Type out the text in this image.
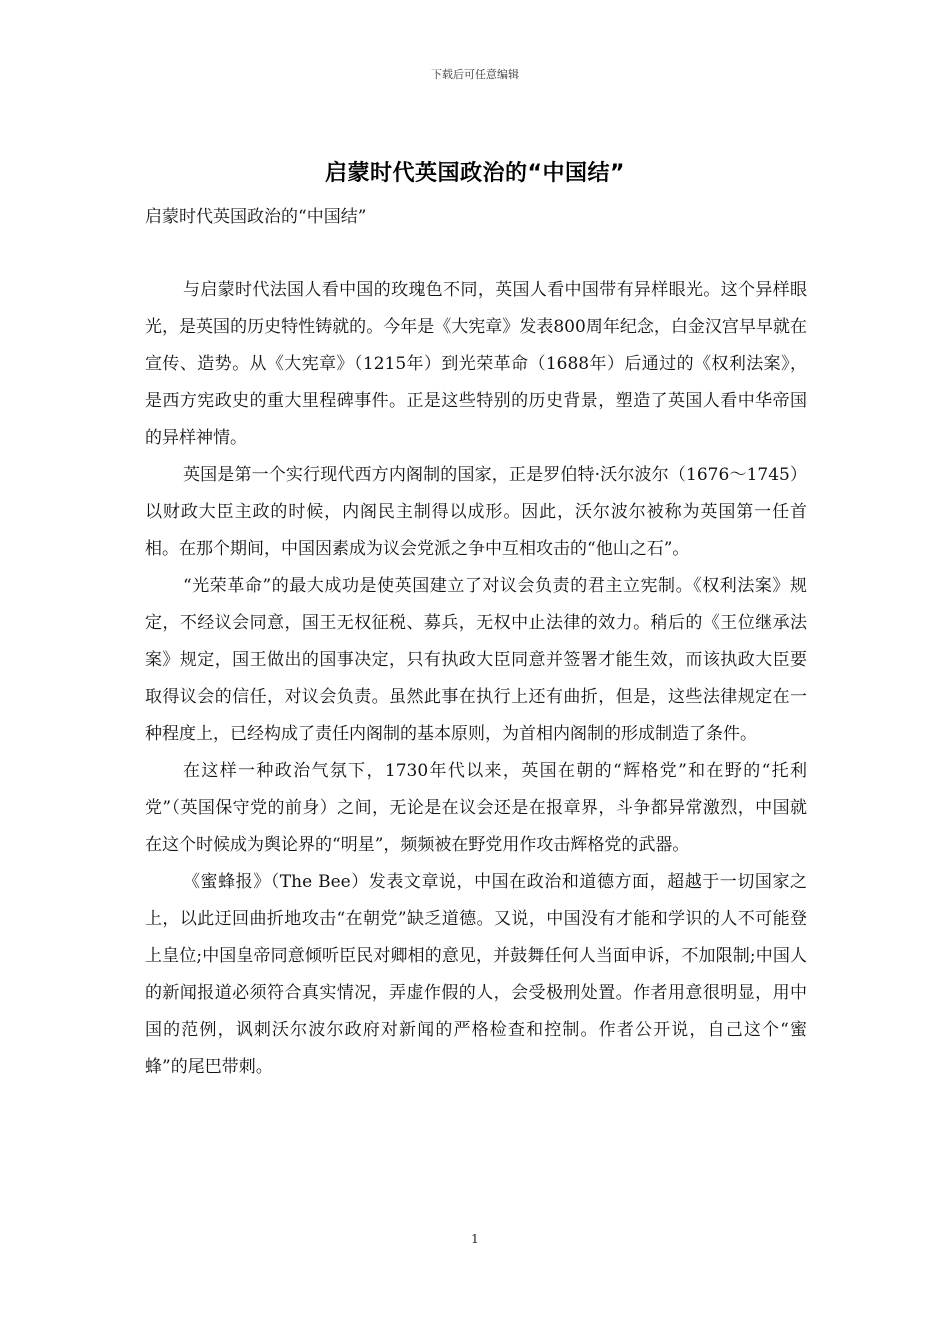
下载后可任意编辑
启蒙时代英国政治的“中国结”
启蒙时代英国政治的“中国结”

与启蒙时代法国人看中国的玫瑰色不同，英国人看中国带有异样眼光。这个异样眼光，是英国的历史特性铸就的。今年是《大宪章》发表800周年纪念，白金汉宫早早就在宣传、造势。从《大宪章》（1215年）到光荣革命（1688年）后通过的《权利法案》，是西方宪政史的重大里程碑事件。正是这些特别的历史背景，塑造了英国人看中华帝国的异样神情。

英国是第一个实行现代西方内阁制的国家，正是罗伯特·沃尔波尔（1676～1745）以财政大臣主政的时候，内阁民主制得以成形。因此，沃尔波尔被称为英国第一任首相。在那个期间，中国因素成为议会党派之争中互相攻击的“他山之石”。

“光荣革命”的最大成功是使英国建立了对议会负责的君主立宪制。《权利法案》规定，不经议会同意，国王无权征税、募兵，无权中止法律的效力。稍后的《王位继承法案》规定，国王做出的国事决定，只有执政大臣同意并签署才能生效，而该执政大臣要取得议会的信任，对议会负责。虽然此事在执行上还有曲折，但是，这些法律规定在一种程度上，已经构成了责任内阁制的基本原则，为首相内阁制的形成制造了条件。

在这样一种政治气氛下，1730年代以来，英国在朝的“辉格党”和在野的“托利党”（英国保守党的前身）之间，无论是在议会还是在报章界，斗争都异常激烈，中国就在这个时候成为舆论界的“明星”，频频被在野党用作攻击辉格党的武器。

《蜜蜂报》（The Bee）发表文章说，中国在政治和道德方面，超越于一切国家之上，以此迂回曲折地攻击“在朝党”缺乏道德。又说，中国没有才能和学识的人不可能登上皇位;中国皇帝同意倾听臣民对卿相的意见，并鼓舞任何人当面申诉，不加限制;中国人的新闻报道必须符合真实情况，弄虚作假的人，会受极刑处置。作者用意很明显，用中国的范例，讽刺沃尔波尔政府对新闻的严格检查和控制。作者公开说，自己这个“蜜蜂”的尾巴带刺。

1
